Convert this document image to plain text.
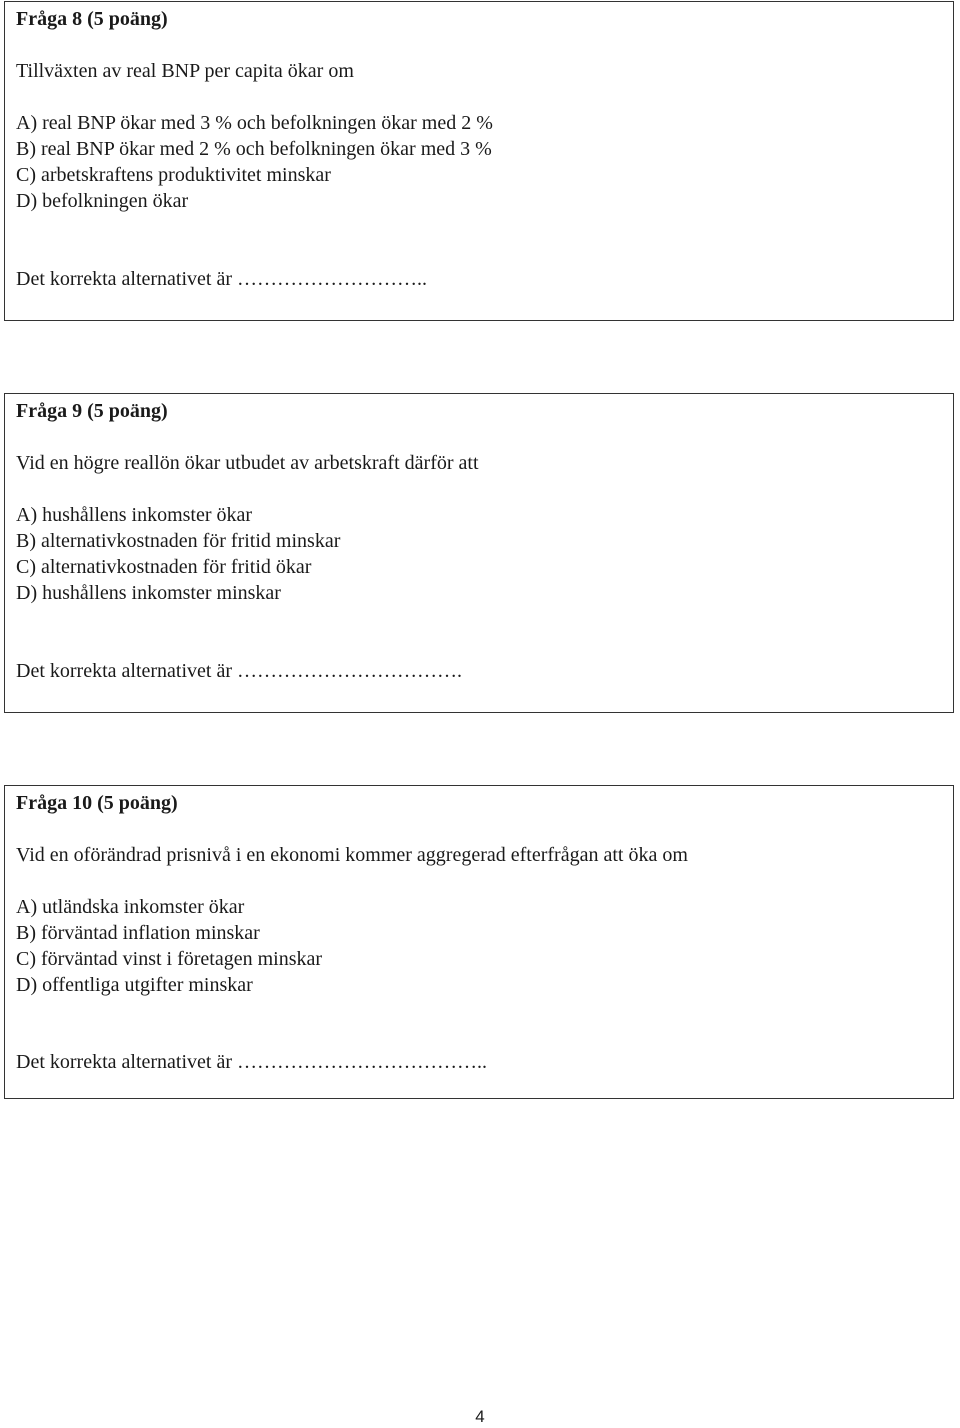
Fråga 8 (5 poäng)
Tillväxten av real BNP per capita ökar om
A) real BNP ökar med 3 % och befolkningen ökar med 2 %
B) real BNP ökar med 2 % och befolkningen ökar med 3 %
C) arbetskraftens produktivitet minskar
D) befolkningen ökar
Det korrekta alternativet är ………………………..
Fråga 9 (5 poäng)
Vid en högre reallön ökar utbudet av arbetskraft därför att
A) hushållens inkomster ökar
B) alternativkostnaden för fritid minskar
C) alternativkostnaden för fritid ökar
D) hushållens inkomster minskar
Det korrekta alternativet är …………………………….
Fråga 10 (5 poäng)
Vid en oförändrad prisnivå i en ekonomi kommer aggregerad efterfrågan att öka om
A) utländska inkomster ökar
B) förväntad inflation minskar
C) förväntad vinst i företagen minskar
D) offentliga utgifter minskar
Det korrekta alternativet är ………………………………..
4
